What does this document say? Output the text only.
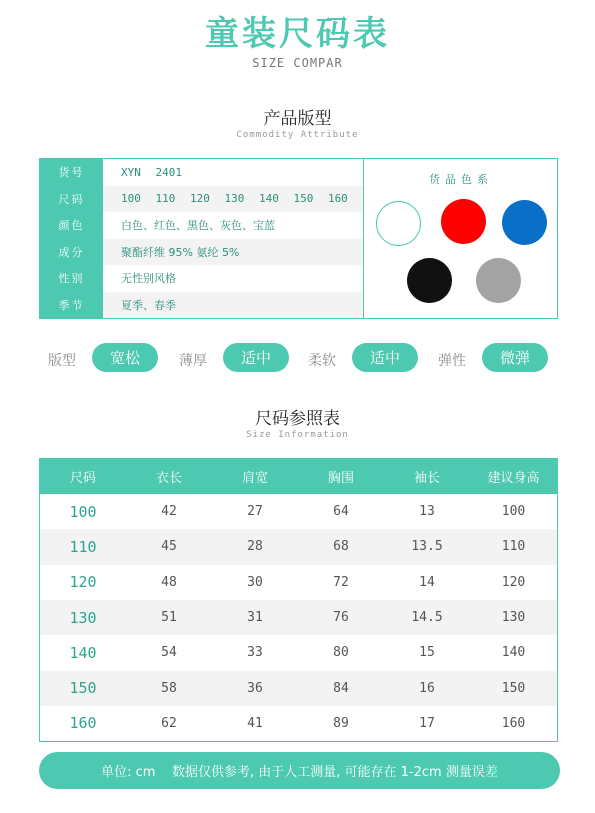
童装尺码表
SIZE COMPAR
产品版型
Commodity Attribute
货号	XYN 2401
尺码	100 110 120 130 140 150 160
颜色	白色、红色、黑色、灰色、宝蓝
成分	聚酯纤维 95% 氨纶 5%
性别	无性别风格
季节	夏季、春季
货品色系
版型	宽松	薄厚	适中	柔软	适中	弹性	微弹
尺码参照表
Size Information
尺码	衣长	肩宽	胸围	袖长	建议身高
100	42	27	64	13	100
110	45	28	68	13.5	110
120	48	30	72	14	120
130	51	31	76	14.5	130
140	54	33	80	15	140
150	58	36	84	16	150
160	62	41	89	17	160
单位: cm    数据仅供参考, 由于人工测量, 可能存在 1-2cm 测量误差
